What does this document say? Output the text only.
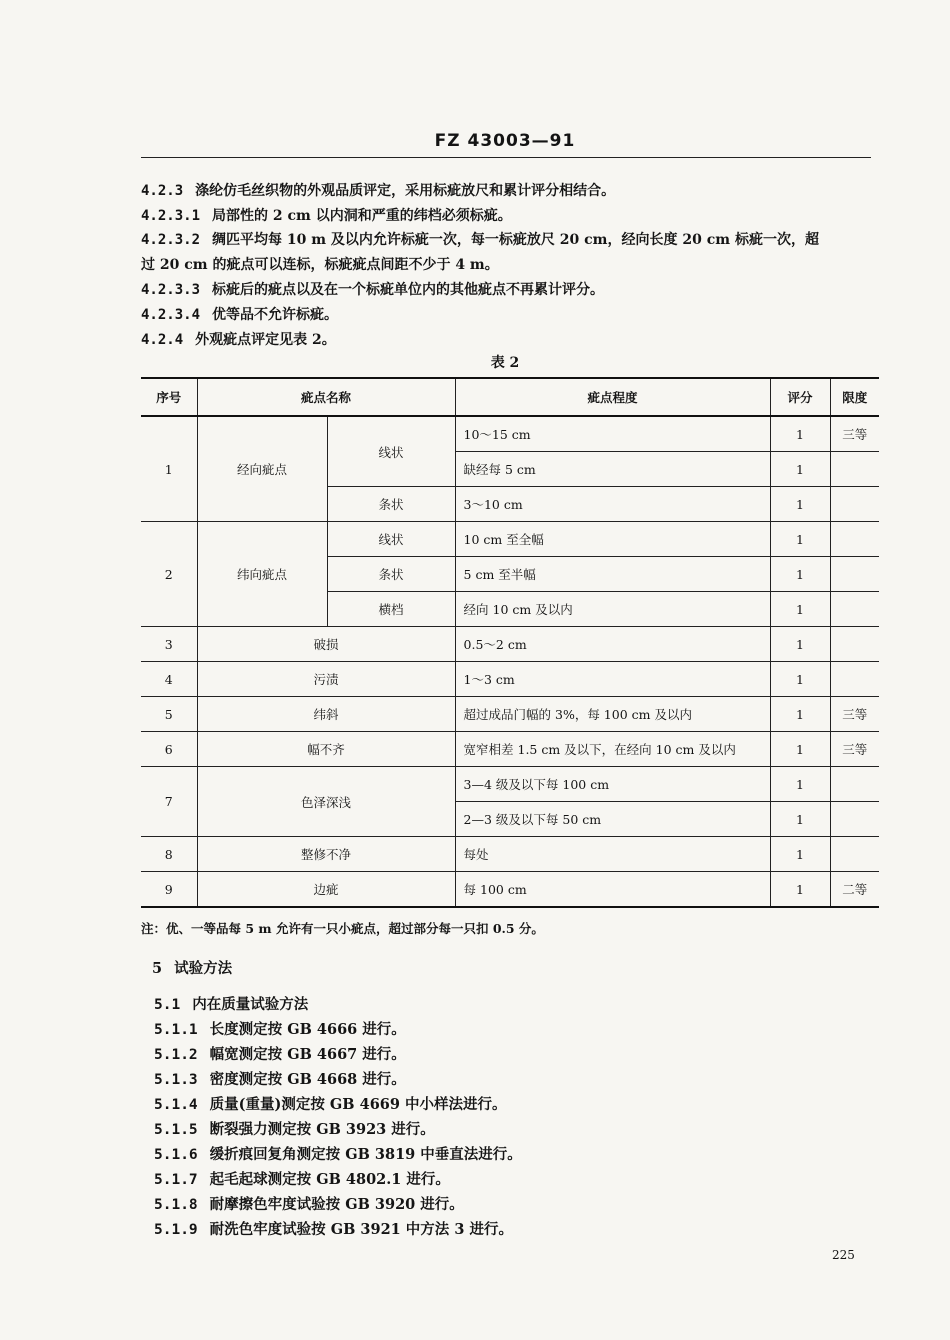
FZ 43003—91
4.2.3 涤纶仿毛丝织物的外观品质评定，采用标疵放尺和累计评分相结合。
4.2.3.1 局部性的 2 cm 以内洞和严重的纬档必须标疵。
4.2.3.2 绸匹平均每 10 m 及以内允许标疵一次，每一标疵放尺 20 cm，经向长度 20 cm 标疵一次，超
过 20 cm 的疵点可以连标，标疵疵点间距不少于 4 m。
4.2.3.3 标疵后的疵点以及在一个标疵单位内的其他疵点不再累计评分。
4.2.3.4 优等品不允许标疵。
4.2.4 外观疵点评定见表 2。
表 2
序号	疵点名称		疵点程度	评分	限度
1	经向疵点	线状	10～15 cm	1	三等
			缺经每 5 cm	1	
		条状	3～10 cm	1	
2	纬向疵点	线状	10 cm 至全幅	1	
		条状	5 cm 至半幅	1	
		横档	经向 10 cm 及以内	1	
3	破损		0.5～2 cm	1	
4	污渍		1～3 cm	1	
5	纬斜		超过成品门幅的 3%，每 100 cm 及以内	1	三等
6	幅不齐		宽窄相差 1.5 cm 及以下，在经向 10 cm 及以内	1	三等
7	色泽深浅		3—4 级及以下每 100 cm	1	
			2—3 级及以下每 50 cm	1	
8	整修不净		每处	1	
9	边疵		每 100 cm	1	二等
注：优、一等品每 5 m 允许有一只小疵点，超过部分每一只扣 0.5 分。
5 试验方法
5.1 内在质量试验方法
5.1.1 长度测定按 GB 4666 进行。
5.1.2 幅宽测定按 GB 4667 进行。
5.1.3 密度测定按 GB 4668 进行。
5.1.4 质量(重量)测定按 GB 4669 中小样法进行。
5.1.5 断裂强力测定按 GB 3923 进行。
5.1.6 缓折痕回复角测定按 GB 3819 中垂直法进行。
5.1.7 起毛起球测定按 GB 4802.1 进行。
5.1.8 耐摩擦色牢度试验按 GB 3920 进行。
5.1.9 耐洗色牢度试验按 GB 3921 中方法 3 进行。
225
